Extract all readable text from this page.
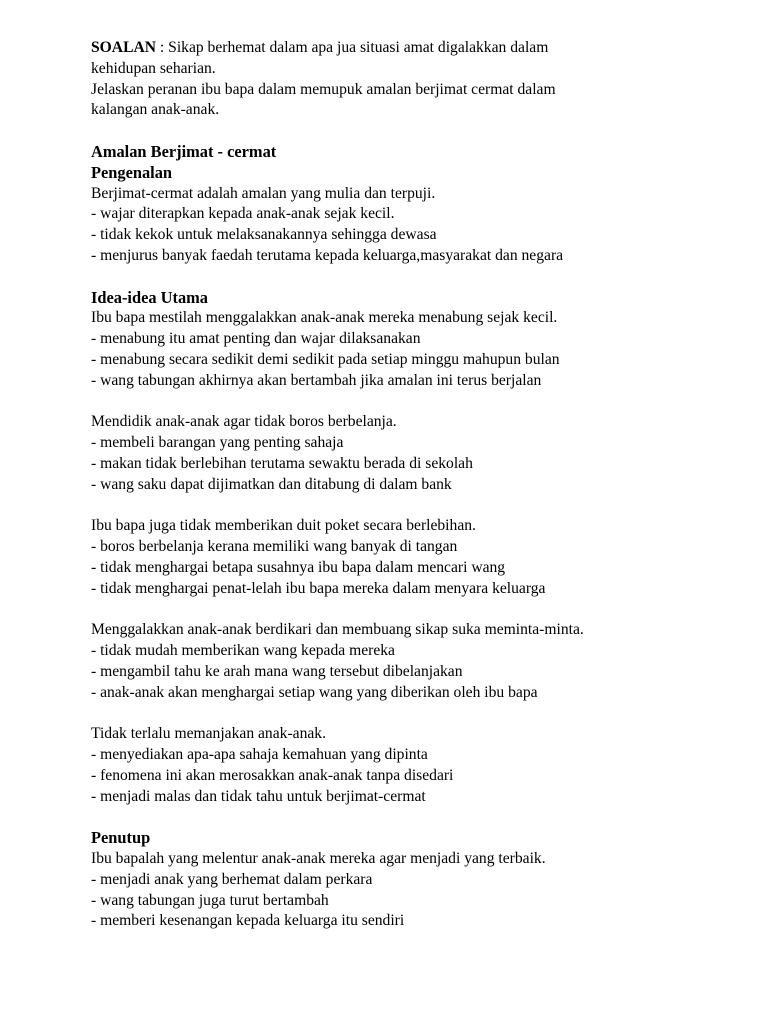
SOALAN : Sikap berhemat dalam apa jua situasi amat digalakkan dalam
kehidupan seharian.
Jelaskan peranan ibu bapa dalam memupuk amalan berjimat cermat dalam
kalangan anak-anak.
Amalan Berjimat - cermat
Pengenalan
Berjimat-cermat adalah amalan yang mulia dan terpuji.
- wajar diterapkan kepada anak-anak sejak kecil.
- tidak kekok untuk melaksanakannya sehingga dewasa
- menjurus banyak faedah terutama kepada keluarga,masyarakat dan negara
Idea-idea Utama
Ibu bapa mestilah menggalakkan anak-anak mereka menabung sejak kecil.
- menabung itu amat penting dan wajar dilaksanakan
- menabung secara sedikit demi sedikit pada setiap minggu mahupun bulan
- wang tabungan akhirnya akan bertambah jika amalan ini terus berjalan
Mendidik anak-anak agar tidak boros berbelanja.
- membeli barangan yang penting sahaja
- makan tidak berlebihan terutama sewaktu berada di sekolah
- wang saku dapat dijimatkan dan ditabung di dalam bank
Ibu bapa juga tidak memberikan duit poket secara berlebihan.
- boros berbelanja kerana memiliki wang banyak di tangan
- tidak menghargai betapa susahnya ibu bapa dalam mencari wang
- tidak menghargai penat-lelah ibu bapa mereka dalam menyara keluarga
Menggalakkan anak-anak berdikari dan membuang sikap suka meminta-minta.
- tidak mudah memberikan wang kepada mereka
- mengambil tahu ke arah mana wang tersebut dibelanjakan
- anak-anak akan menghargai setiap wang yang diberikan oleh ibu bapa
Tidak terlalu memanjakan anak-anak.
- menyediakan apa-apa sahaja kemahuan yang dipinta
- fenomena ini akan merosakkan anak-anak tanpa disedari
- menjadi malas dan tidak tahu untuk berjimat-cermat
Penutup
Ibu bapalah yang melentur anak-anak mereka agar menjadi yang terbaik.
- menjadi anak yang berhemat dalam perkara
- wang tabungan juga turut bertambah
- memberi kesenangan kepada keluarga itu sendiri
